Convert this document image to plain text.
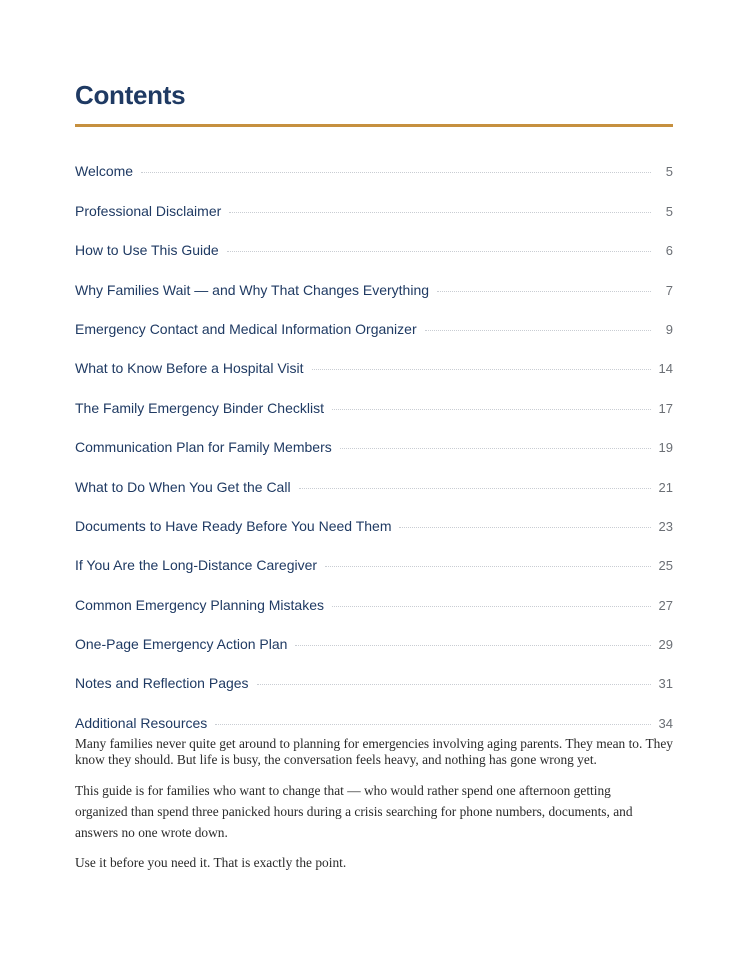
Contents
Welcome	5
Professional Disclaimer	5
How to Use This Guide	6
Why Families Wait — and Why That Changes Everything	7
Emergency Contact and Medical Information Organizer	9
What to Know Before a Hospital Visit	14
The Family Emergency Binder Checklist	17
Communication Plan for Family Members	19
What to Do When You Get the Call	21
Documents to Have Ready Before You Need Them	23
If You Are the Long-Distance Caregiver	25
Common Emergency Planning Mistakes	27
One-Page Emergency Action Plan	29
Notes and Reflection Pages	31
Additional Resources	34

Many families never quite get around to planning for emergencies involving aging parents. They mean to. They know they should. But life is busy, the conversation feels heavy, and nothing has gone wrong yet.

This guide is for families who want to change that — who would rather spend one afternoon getting organized than spend three panicked hours during a crisis searching for phone numbers, documents, and answers no one wrote down.

Use it before you need it. That is exactly the point.
